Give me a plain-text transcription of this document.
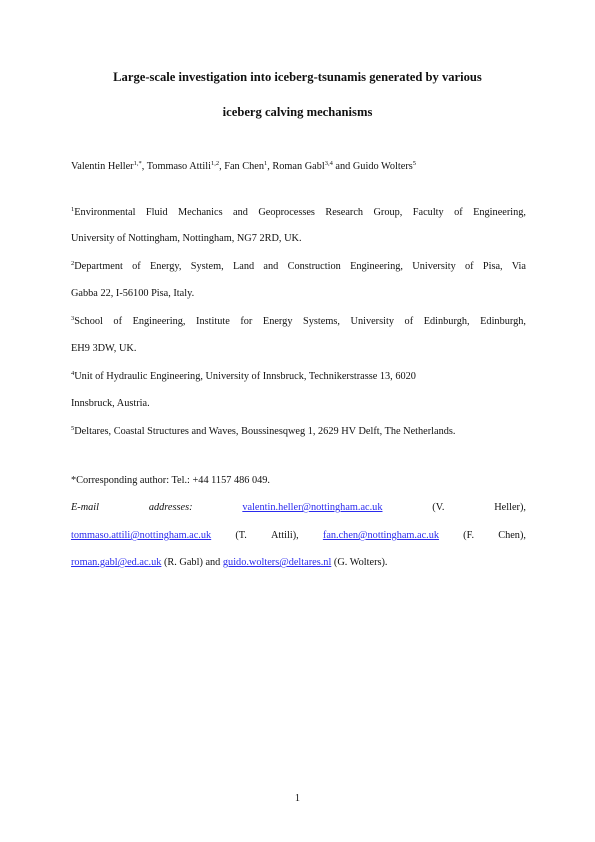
Large-scale investigation into iceberg-tsunamis generated by various
iceberg calving mechanisms
Valentin Heller$^{1,*}$, Tommaso Attili$^{1,2}$, Fan Chen$^1$, Roman Gabl$^{3,4}$ and Guido Wolters$^5$
$^1$Environmental Fluid Mechanics and Geoprocesses Research Group, Faculty of Engineering,
University of Nottingham, Nottingham, NG7 2RD, UK.
$^2$Department of Energy, System, Land and Construction Engineering, University of Pisa, Via
Gabba 22, I-56100 Pisa, Italy.
$^3$School of Engineering, Institute for Energy Systems, University of Edinburgh, Edinburgh,
EH9 3DW, UK.
$^4$Unit of Hydraulic Engineering, University of Innsbruck, Technikerstrasse 13, 6020
Innsbruck, Austria.
$^5$Deltares, Coastal Structures and Waves, Boussinesqweg 1, 2629 HV Delft, The Netherlands.
*Corresponding author: Tel.: +44 1157 486 049.
E-mail	addresses:	valentin.heller@nottingham.ac.uk	(V.	Heller),
tommaso.attili@nottingham.ac.uk (T. Attili), fan.chen@nottingham.ac.uk (F. Chen),
roman.gabl@ed.ac.uk (R. Gabl) and guido.wolters@deltares.nl (G. Wolters).
1
